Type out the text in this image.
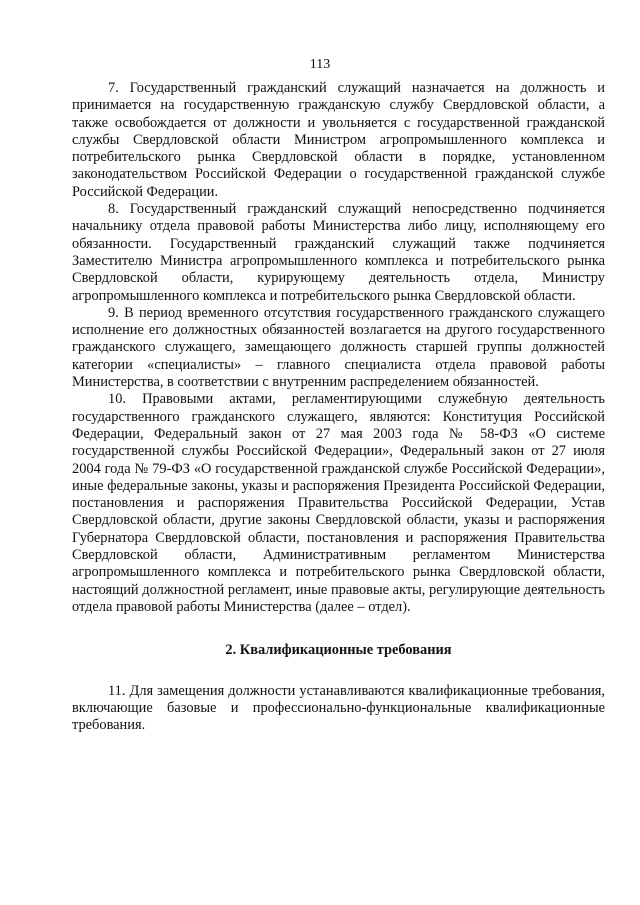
113

7. Государственный гражданский служащий назначается на должность и принимается на государственную гражданскую службу Свердловской области, а также освобождается от должности и увольняется с государственной гражданской службы Свердловской области Министром агропромышленного комплекса и потребительского рынка Свердловской области в порядке, установленном законодательством Российской Федерации о государственной гражданской службе Российской Федерации.

8. Государственный гражданский служащий непосредственно подчиняется начальнику отдела правовой работы Министерства либо лицу, исполняющему его обязанности. Государственный гражданский служащий также подчиняется Заместителю Министра агропромышленного комплекса и потребительского рынка Свердловской области, курирующему деятельность отдела, Министру агропромышленного комплекса и потребительского рынка Свердловской области.

9. В период временного отсутствия государственного гражданского служащего исполнение его должностных обязанностей возлагается на другого государственного гражданского служащего, замещающего должность старшей группы должностей категории «специалисты» – главного специалиста отдела правовой работы Министерства, в соответствии с внутренним распределением обязанностей.

10. Правовыми актами, регламентирующими служебную деятельность государственного гражданского служащего, являются: Конституция Российской Федерации, Федеральный закон от 27 мая 2003 года № 58-ФЗ «О системе государственной службы Российской Федерации», Федеральный закон от 27 июля 2004 года № 79-ФЗ «О государственной гражданской службе Российской Федерации», иные федеральные законы, указы и распоряжения Президента Российской Федерации, постановления и распоряжения Правительства Российской Федерации, Устав Свердловской области, другие законы Свердловской области, указы и распоряжения Губернатора Свердловской области, постановления и распоряжения Правительства Свердловской области, Административным регламентом Министерства агропромышленного комплекса и потребительского рынка Свердловской области, настоящий должностной регламент, иные правовые акты, регулирующие деятельность отдела правовой работы Министерства (далее – отдел).

2. Квалификационные требования

11. Для замещения должности устанавливаются квалификационные требования, включающие базовые и профессионально-функциональные квалификационные требования.
